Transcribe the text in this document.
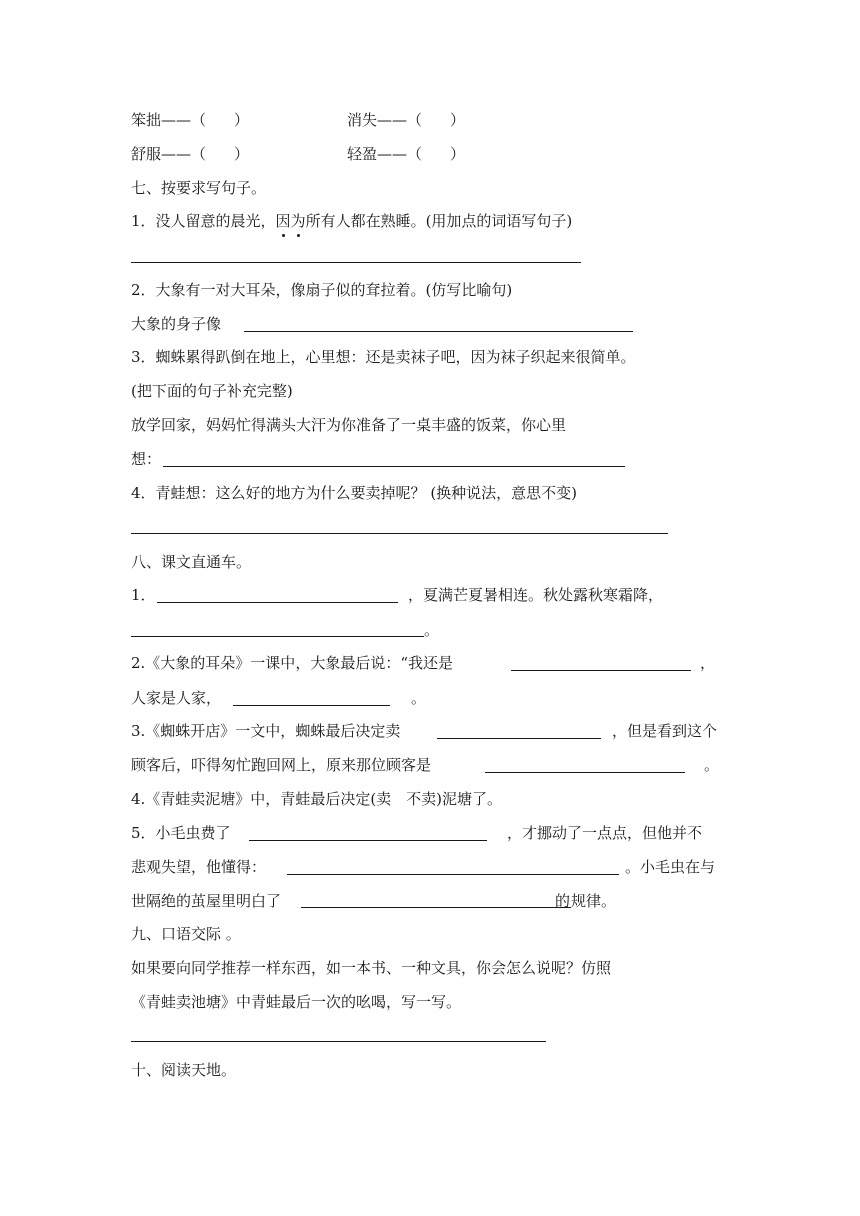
笨拙——（ ）	消失——（ ）
舒服——（ ）	轻盈——（ ）
七、按要求写句子。
1．没人留意的晨光，因为所有人都在熟睡。(用加点的词语写句子)
2．大象有一对大耳朵，像扇子似的耷拉着。(仿写比喻句)
大象的身子像
3．蜘蛛累得趴倒在地上，心里想：还是卖袜子吧，因为袜子织起来很简单。
(把下面的句子补充完整)
放学回家，妈妈忙得满头大汗为你准备了一桌丰盛的饭菜，你心里
想：
4．青蛙想：这么好的地方为什么要卖掉呢？ (换种说法，意思不变)
八、课文直通车。
1．	，夏满芒夏暑相连。秋处露秋寒霜降，
。
2.《大象的耳朵》一课中，大象最后说：“我还是	，
人家是人家，	。
3.《蜘蛛开店》一文中，蜘蛛最后决定卖	，但是看到这个
顾客后，吓得匆忙跑回网上，原来那位顾客是	。
4.《青蛙卖泥塘》中，青蛙最后决定(卖　不卖)泥塘了。
5．小毛虫费了	，才挪动了一点点，但他并不
悲观失望，他懂得：	。小毛虫在与
世隔绝的茧屋里明白了	的 规律。
九、口语交际 。
如果要向同学推荐一样东西，如一本书、一种文具，你会怎么说呢？仿照
《青蛙卖池塘》中青蛙最后一次的吆喝，写一写。
十、阅读天地。
